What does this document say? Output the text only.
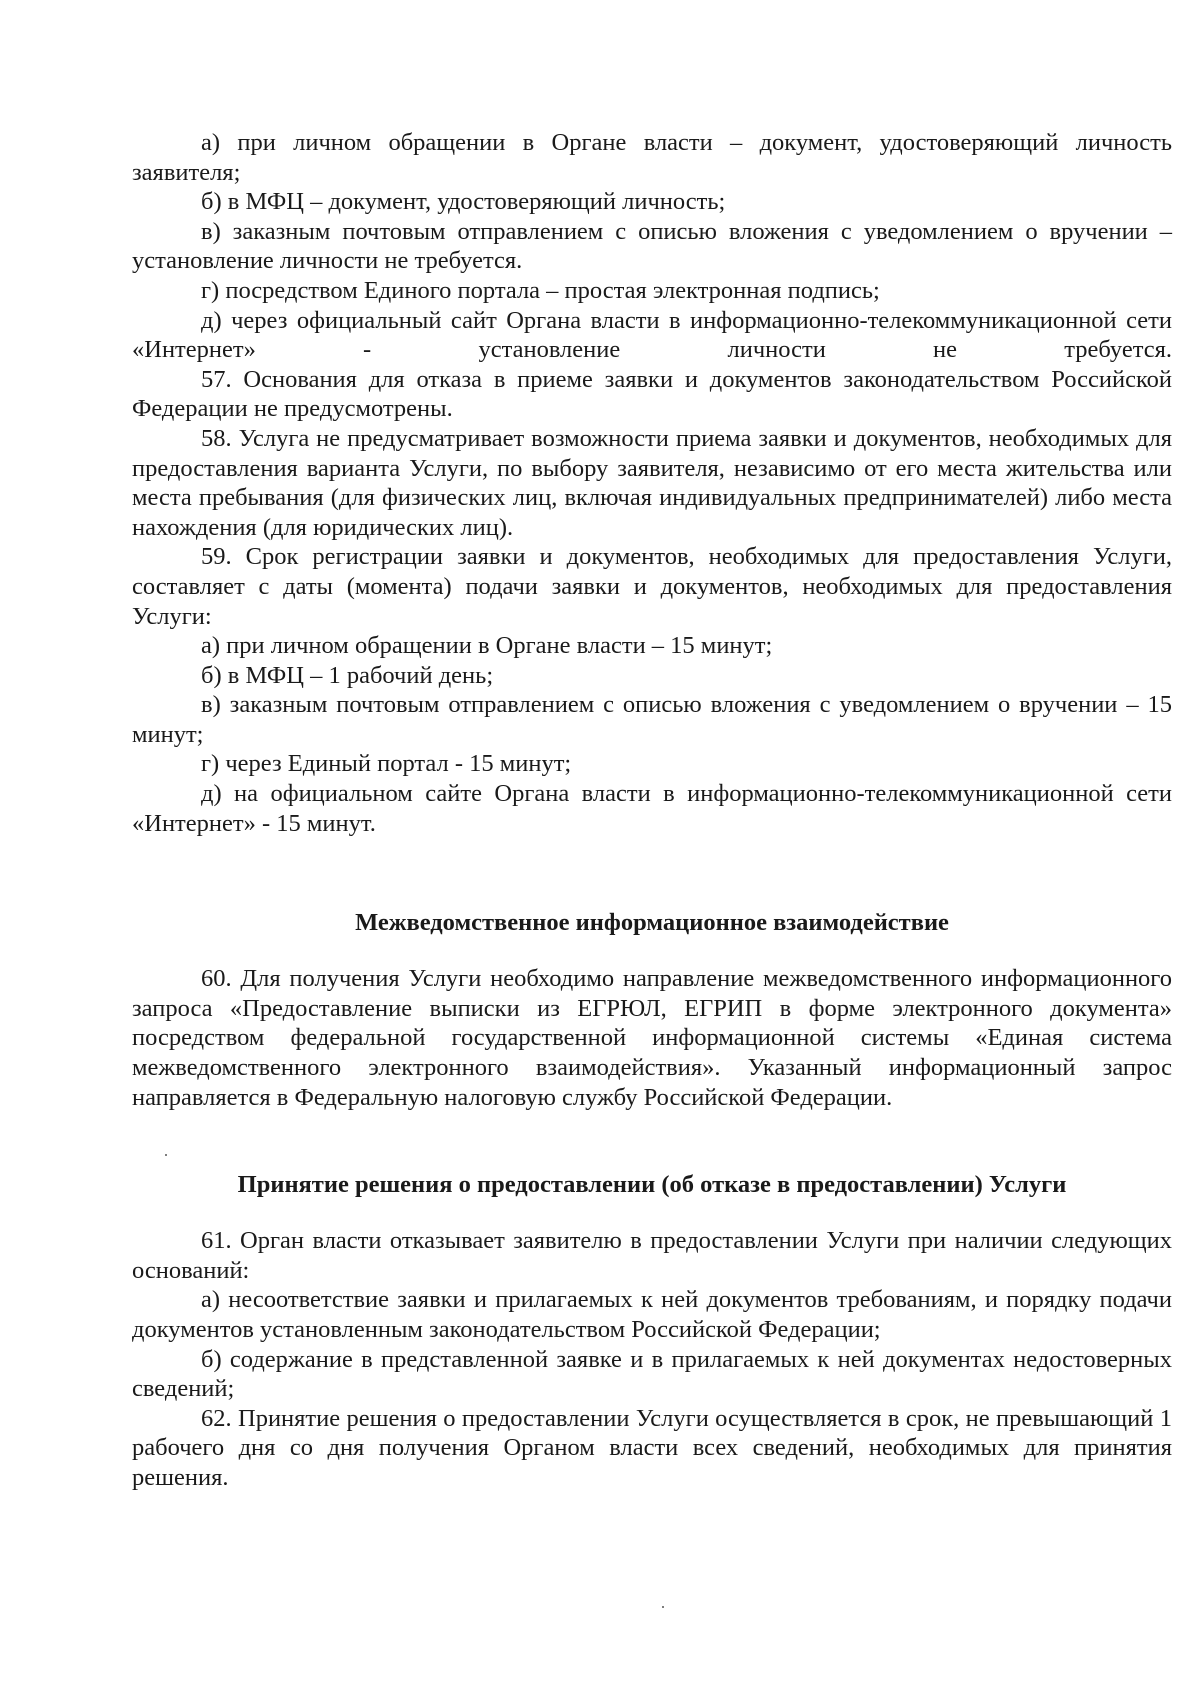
а) при личном обращении в Органе власти – документ, удостоверяющий личность заявителя;

б) в МФЦ – документ, удостоверяющий личность;

в) заказным почтовым отправлением с описью вложения с уведомлением о вручении – установление личности не требуется.

г) посредством Единого портала – простая электронная подпись;

д) через официальный сайт Органа власти в информационно-телекоммуникационной сети «Интернет» - установление личности не требуется.

57. Основания для отказа в приеме заявки и документов законодательством Российской Федерации не предусмотрены.

58. Услуга не предусматривает возможности приема заявки и документов, необходимых для предоставления варианта Услуги, по выбору заявителя, независимо от его места жительства или места пребывания (для физических лиц, включая индивидуальных предпринимателей) либо места нахождения (для юридических лиц).

59. Срок регистрации заявки и документов, необходимых для предоставления Услуги, составляет с даты (момента) подачи заявки и документов, необходимых для предоставления Услуги:

а) при личном обращении в Органе власти – 15 минут;

б) в МФЦ – 1 рабочий день;

в) заказным почтовым отправлением с описью вложения с уведомлением о вручении – 15 минут;

г) через Единый портал - 15 минут;

д) на официальном сайте Органа власти в информационно-телекоммуникационной сети «Интернет» - 15 минут.

Межведомственное информационное взаимодействие

60. Для получения Услуги необходимо направление межведомственного информационного запроса «Предоставление выписки из ЕГРЮЛ, ЕГРИП в форме электронного документа» посредством федеральной государственной информационной системы «Единая система межведомственного электронного взаимодействия». Указанный информационный запрос направляется в Федеральную налоговую службу Российской Федерации.

Принятие решения о предоставлении (об отказе в предоставлении) Услуги

61. Орган власти отказывает заявителю в предоставлении Услуги при наличии следующих оснований:

а) несоответствие заявки и прилагаемых к ней документов требованиям, и порядку подачи документов установленным законодательством Российской Федерации;

б) содержание в представленной заявке и в прилагаемых к ней документах недостоверных сведений;

62. Принятие решения о предоставлении Услуги осуществляется в срок, не превышающий 1 рабочего дня со дня получения Органом власти всех сведений, необходимых для принятия решения.
